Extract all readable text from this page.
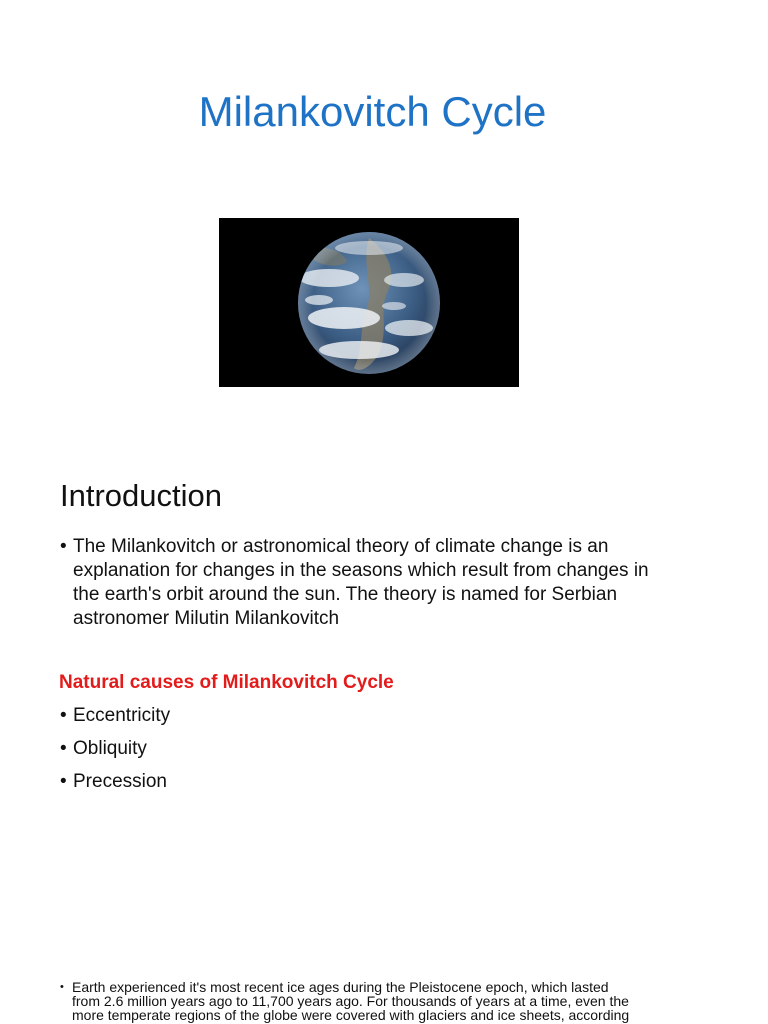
Milankovitch Cycle
Introduction
• The Milankovitch or astronomical theory of climate change is an
explanation for changes in the seasons which result from changes in
the earth's orbit around the sun. The theory is named for Serbian
astronomer Milutin Milankovitch
Natural causes of Milankovitch Cycle
• Eccentricity
• Obliquity
• Precession
• Earth experienced it's most recent ice ages during the Pleistocene epoch, which lasted
from 2.6 million years ago to 11,700 years ago. For thousands of years at a time, even the
more temperate regions of the globe were covered with glaciers and ice sheets, according
